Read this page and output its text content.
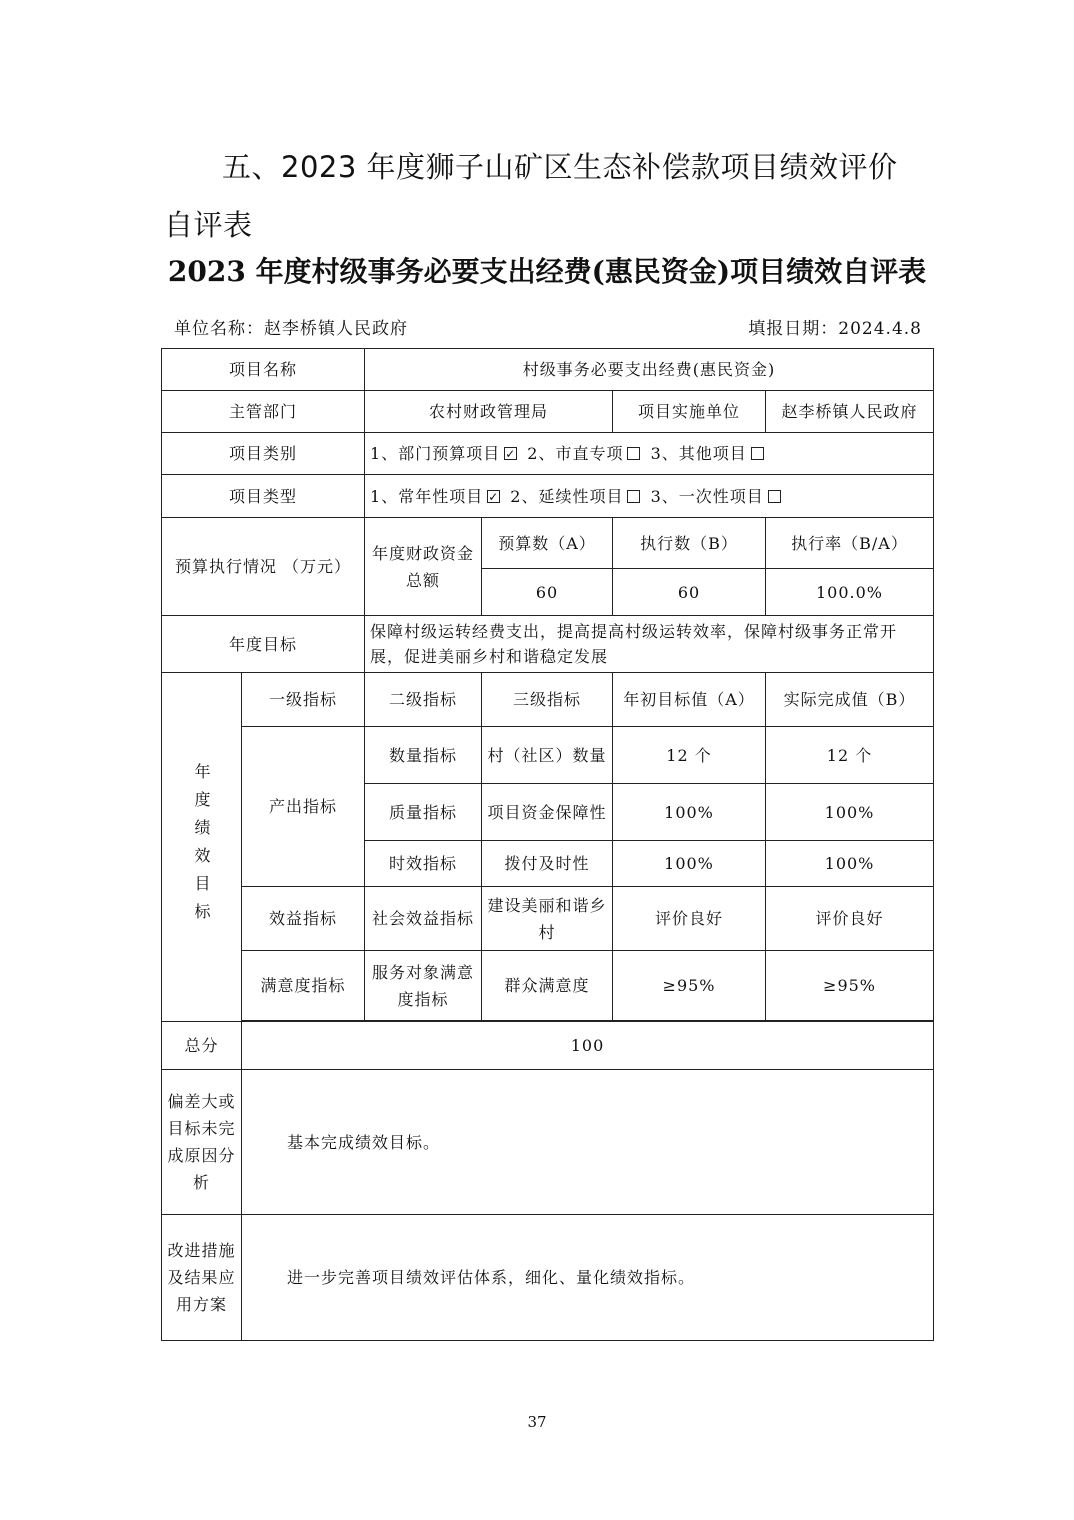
五、2023 年度狮子山矿区生态补偿款项目绩效评价自评表
2023 年度村级事务必要支出经费(惠民资金)项目绩效自评表
单位名称：赵李桥镇人民政府	填报日期：2024.4.8
项目名称		村级事务必要支出经费(惠民资金)			
主管部门		农村财政管理局		项目实施单位	赵李桥镇人民政府
项目类别		1、部门预算项目 ✓ 2、市直专项 3、其他项目
项目类型		1、常年性项目 ✓ 2、延续性项目 3、一次性项目
预算执行情况 （万元）		年度财政资金总额	预算数（A）	执行数（B）	执行率（B/A）
			60	60	100.0%
年度目标		保障村级运转经费支出，提高提高村级运转效率，保障村级事务正常开展，促进美丽乡村和谐稳定发展			

年度绩效目标	一级指标	二级指标	三级指标	年初目标值（A）	实际完成值（B）
	产出指标	数量指标	村（社区）数量	12 个	12 个
		质量指标	项目资金保障性	100%	100%
		时效指标	拨付及时性	100%	100%
	效益指标	社会效益指标	建设美丽和谐乡村	评价良好	评价良好
	满意度指标	服务对象满意度指标	群众满意度	≥95%	≥95%

总分	100				
偏差大或目标未完成原因分析	基本完成绩效目标。				
改进措施及结果应用方案	进一步完善项目绩效评估体系，细化、量化绩效指标。				
37
